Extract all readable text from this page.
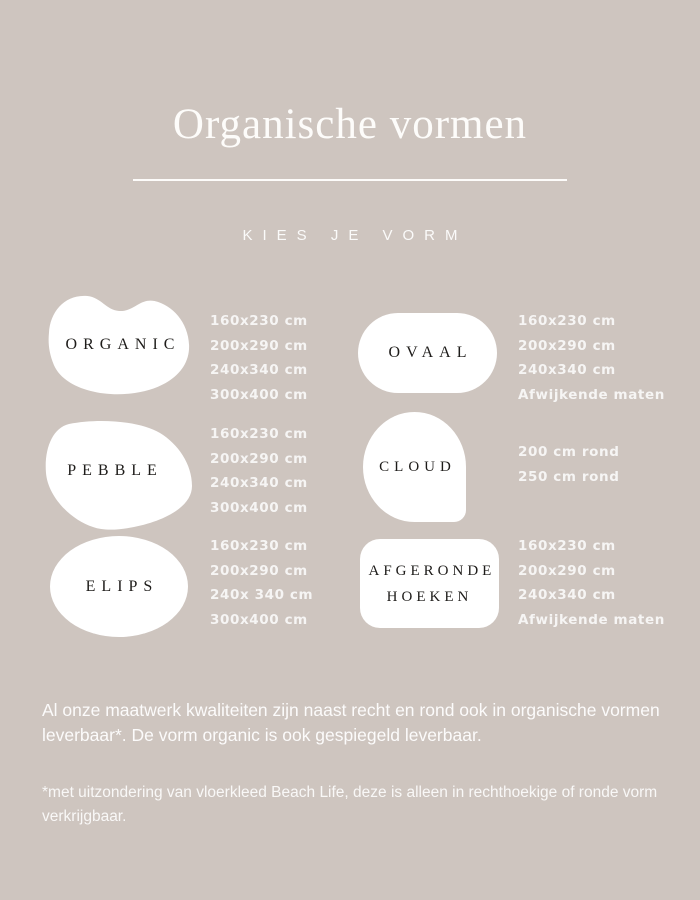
Organische vormen
KIES JE VORM
ORGANIC
160x230 cm
200x290 cm
240x340 cm
300x400 cm
OVAAL
160x230 cm
200x290 cm
240x340 cm
Afwijkende maten
PEBBLE
160x230 cm
200x290 cm
240x340 cm
300x400 cm
CLOUD
200 cm rond
250 cm rond
ELIPS
160x230 cm
200x290 cm
240x 340 cm
300x400 cm
AFGERONDE HOEKEN
160x230 cm
200x290 cm
240x340 cm
Afwijkende maten
Al onze maatwerk kwaliteiten zijn naast recht en rond ook in organische vormen leverbaar*. De vorm organic is ook gespiegeld leverbaar.
*met uitzondering van vloerkleed Beach Life, deze is alleen in rechthoekige of ronde vorm verkrijgbaar.
